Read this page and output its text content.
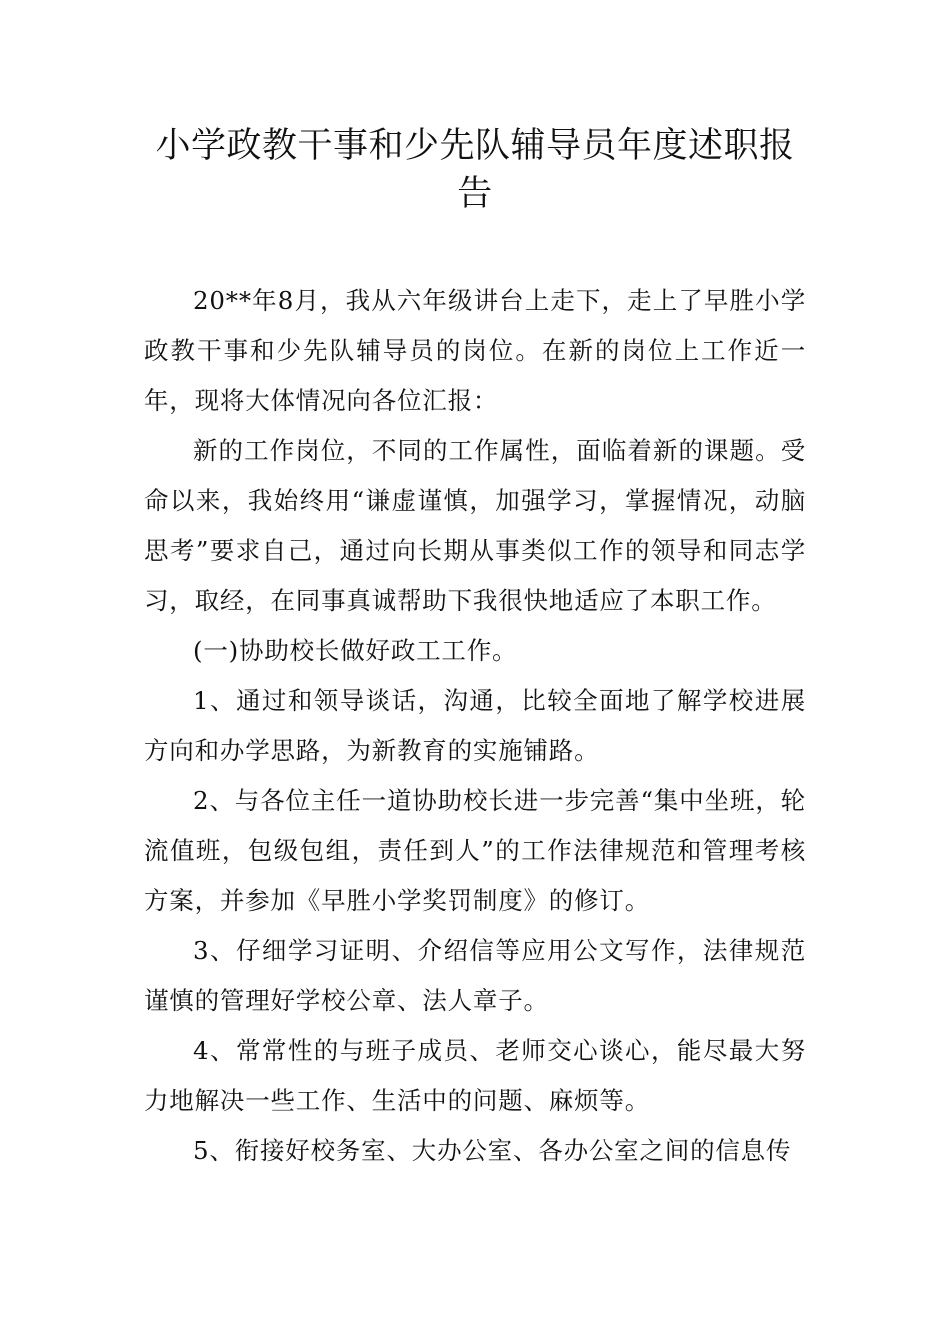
小学政教干事和少先队辅导员年度述职报告

20**年8月，我从六年级讲台上走下，走上了早胜小学政教干事和少先队辅导员的岗位。在新的岗位上工作近一年，现将大体情况向各位汇报：

新的工作岗位，不同的工作属性，面临着新的课题。受命以来，我始终用“谦虚谨慎，加强学习，掌握情况，动脑思考”要求自己，通过向长期从事类似工作的领导和同志学习，取经，在同事真诚帮助下我很快地适应了本职工作。

(一)协助校长做好政工工作。

1、通过和领导谈话，沟通，比较全面地了解学校进展方向和办学思路，为新教育的实施铺路。

2、与各位主任一道协助校长进一步完善“集中坐班，轮流值班，包级包组，责任到人”的工作法律规范和管理考核方案，并参加《早胜小学奖罚制度》的修订。

3、仔细学习证明、介绍信等应用公文写作，法律规范谨慎的管理好学校公章、法人章子。

4、常常性的与班子成员、老师交心谈心，能尽最大努力地解决一些工作、生活中的问题、麻烦等。

5、衔接好校务室、大办公室、各办公室之间的信息传
